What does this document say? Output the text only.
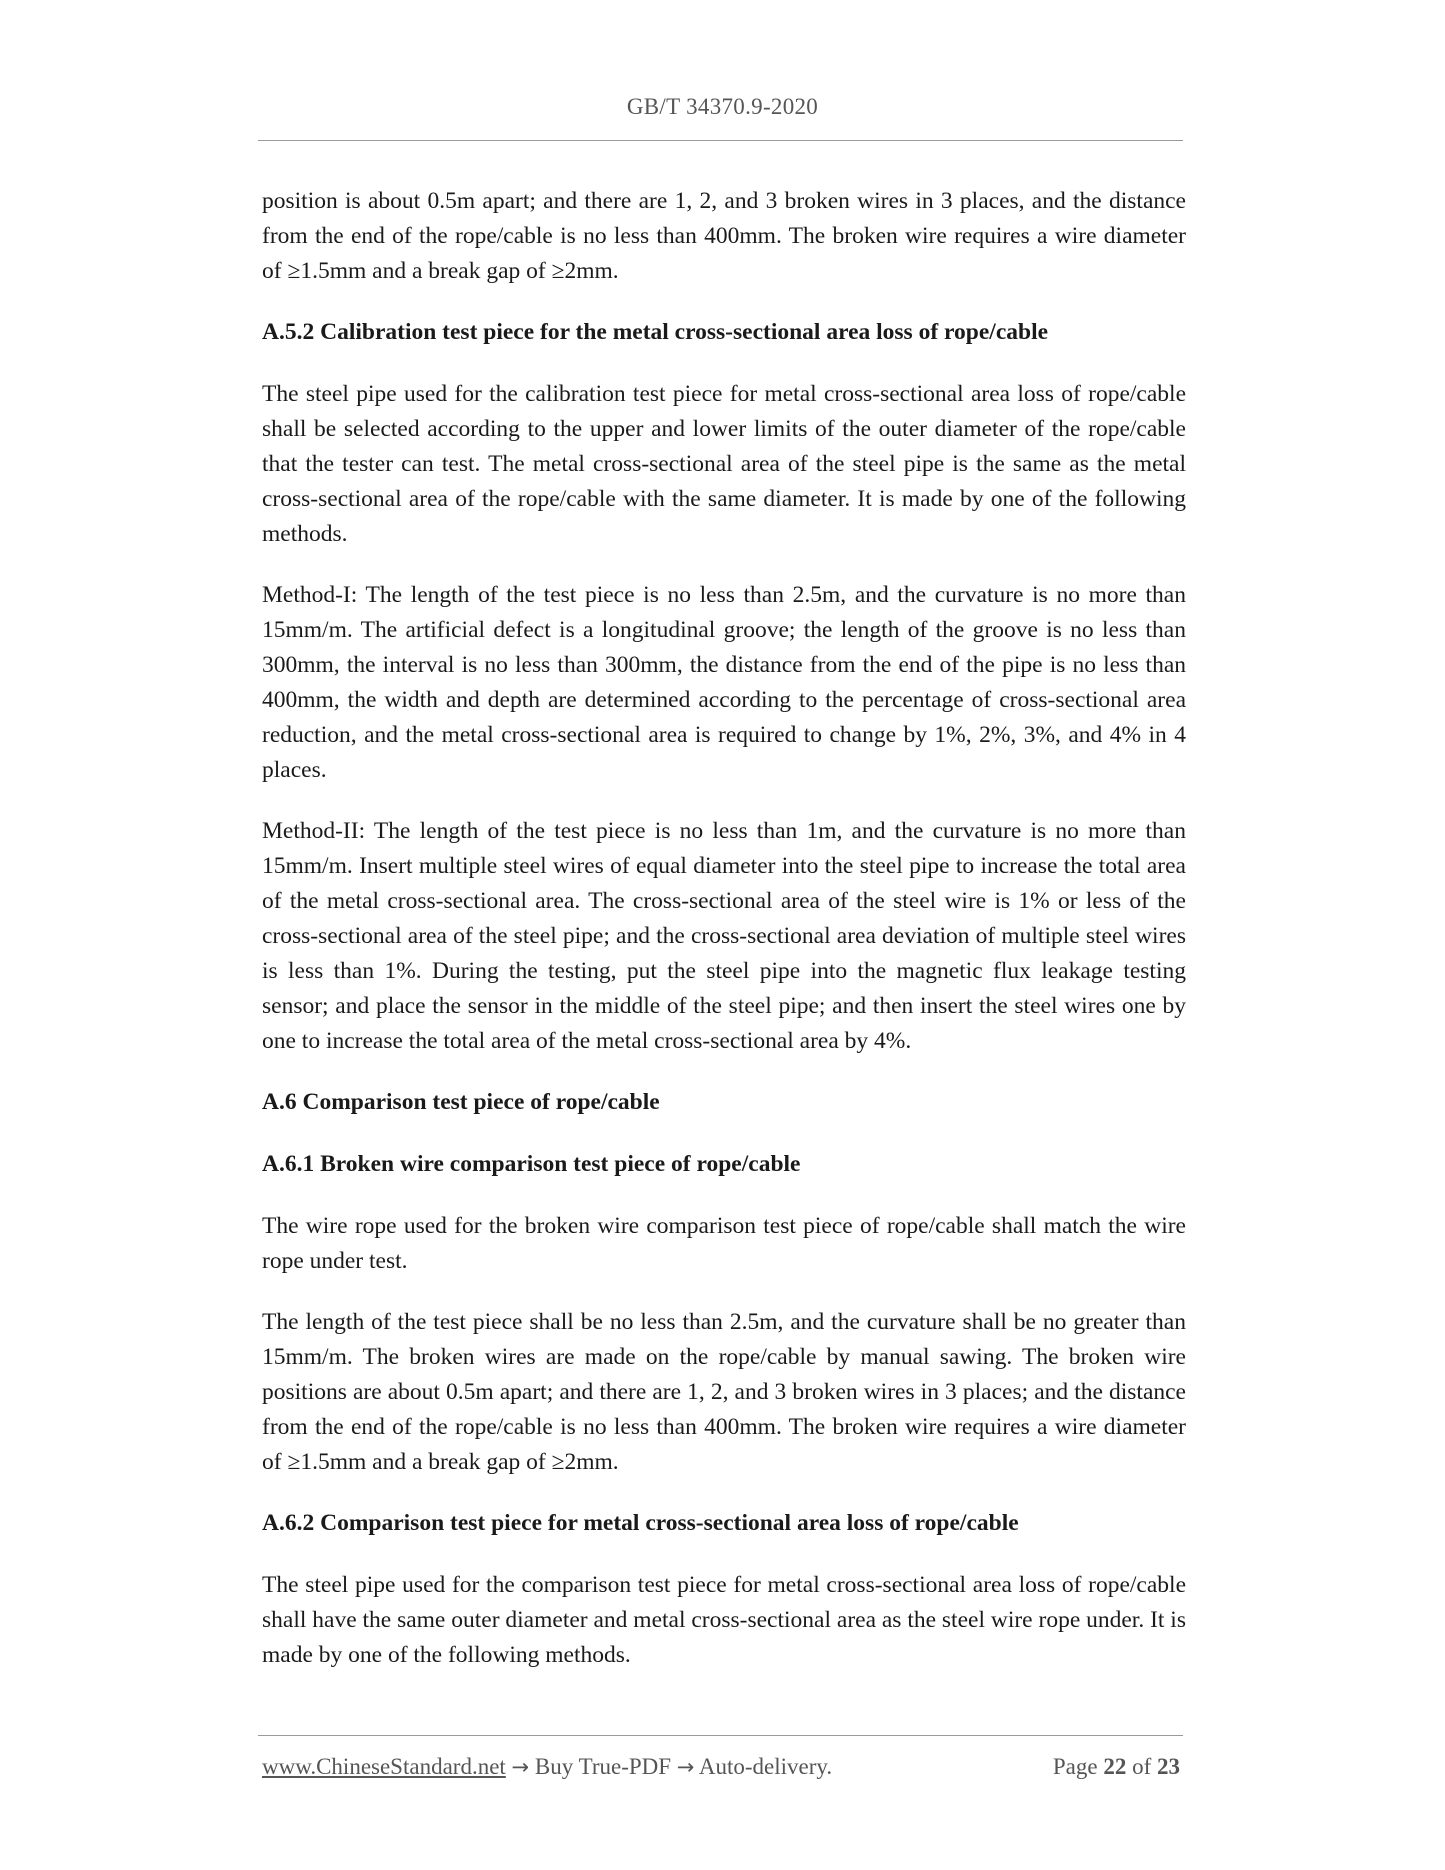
GB/T 34370.9-2020

position is about 0.5m apart; and there are 1, 2, and 3 broken wires in 3 places, and the distance from the end of the rope/cable is no less than 400mm. The broken wire requires a wire diameter of ≥1.5mm and a break gap of ≥2mm.

A.5.2 Calibration test piece for the metal cross-sectional area loss of rope/cable

The steel pipe used for the calibration test piece for metal cross-sectional area loss of rope/cable shall be selected according to the upper and lower limits of the outer diameter of the rope/cable that the tester can test. The metal cross-sectional area of the steel pipe is the same as the metal cross-sectional area of the rope/cable with the same diameter. It is made by one of the following methods.

Method-I: The length of the test piece is no less than 2.5m, and the curvature is no more than 15mm/m. The artificial defect is a longitudinal groove; the length of the groove is no less than 300mm, the interval is no less than 300mm, the distance from the end of the pipe is no less than 400mm, the width and depth are determined according to the percentage of cross-sectional area reduction, and the metal cross-sectional area is required to change by 1%, 2%, 3%, and 4% in 4 places.

Method-II: The length of the test piece is no less than 1m, and the curvature is no more than 15mm/m. Insert multiple steel wires of equal diameter into the steel pipe to increase the total area of the metal cross-sectional area. The cross-sectional area of the steel wire is 1% or less of the cross-sectional area of the steel pipe; and the cross-sectional area deviation of multiple steel wires is less than 1%. During the testing, put the steel pipe into the magnetic flux leakage testing sensor; and place the sensor in the middle of the steel pipe; and then insert the steel wires one by one to increase the total area of the metal cross-sectional area by 4%.

A.6 Comparison test piece of rope/cable
A.6.1 Broken wire comparison test piece of rope/cable

The wire rope used for the broken wire comparison test piece of rope/cable shall match the wire rope under test.

The length of the test piece shall be no less than 2.5m, and the curvature shall be no greater than 15mm/m. The broken wires are made on the rope/cable by manual sawing. The broken wire positions are about 0.5m apart; and there are 1, 2, and 3 broken wires in 3 places; and the distance from the end of the rope/cable is no less than 400mm. The broken wire requires a wire diameter of ≥1.5mm and a break gap of ≥2mm.

A.6.2 Comparison test piece for metal cross-sectional area loss of rope/cable

The steel pipe used for the comparison test piece for metal cross-sectional area loss of rope/cable shall have the same outer diameter and metal cross-sectional area as the steel wire rope under. It is made by one of the following methods.

www.ChineseStandard.net → Buy True-PDF → Auto-delivery.	Page 22 of 23
